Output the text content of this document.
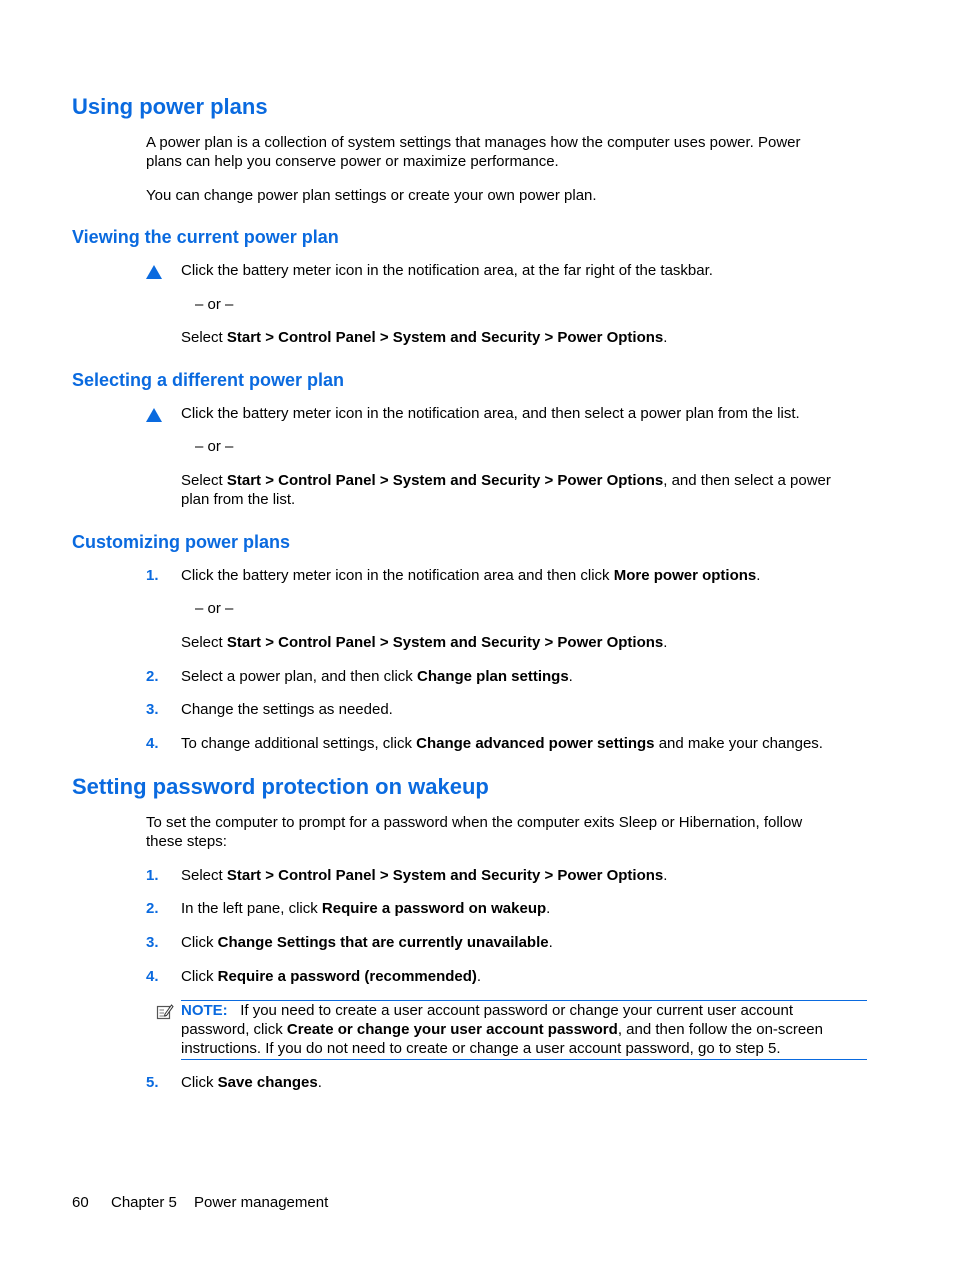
Using power plans
A power plan is a collection of system settings that manages how the computer uses power. Power
plans can help you conserve power or maximize performance.
You can change power plan settings or create your own power plan.
Viewing the current power plan
Click the battery meter icon in the notification area, at the far right of the taskbar.
– or –
Select Start > Control Panel > System and Security > Power Options.
Selecting a different power plan
Click the battery meter icon in the notification area, and then select a power plan from the list.
– or –
Select Start > Control Panel > System and Security > Power Options, and then select a power
plan from the list.
Customizing power plans
1. Click the battery meter icon in the notification area and then click More power options.
– or –
Select Start > Control Panel > System and Security > Power Options.
2. Select a power plan, and then click Change plan settings.
3. Change the settings as needed.
4. To change additional settings, click Change advanced power settings and make your changes.
Setting password protection on wakeup
To set the computer to prompt for a password when the computer exits Sleep or Hibernation, follow
these steps:
1. Select Start > Control Panel > System and Security > Power Options.
2. In the left pane, click Require a password on wakeup.
3. Click Change Settings that are currently unavailable.
4. Click Require a password (recommended).
NOTE: If you need to create a user account password or change your current user account
password, click Create or change your user account password, and then follow the on-screen
instructions. If you do not need to create or change a user account password, go to step 5.
5. Click Save changes.
60 Chapter 5 Power management
